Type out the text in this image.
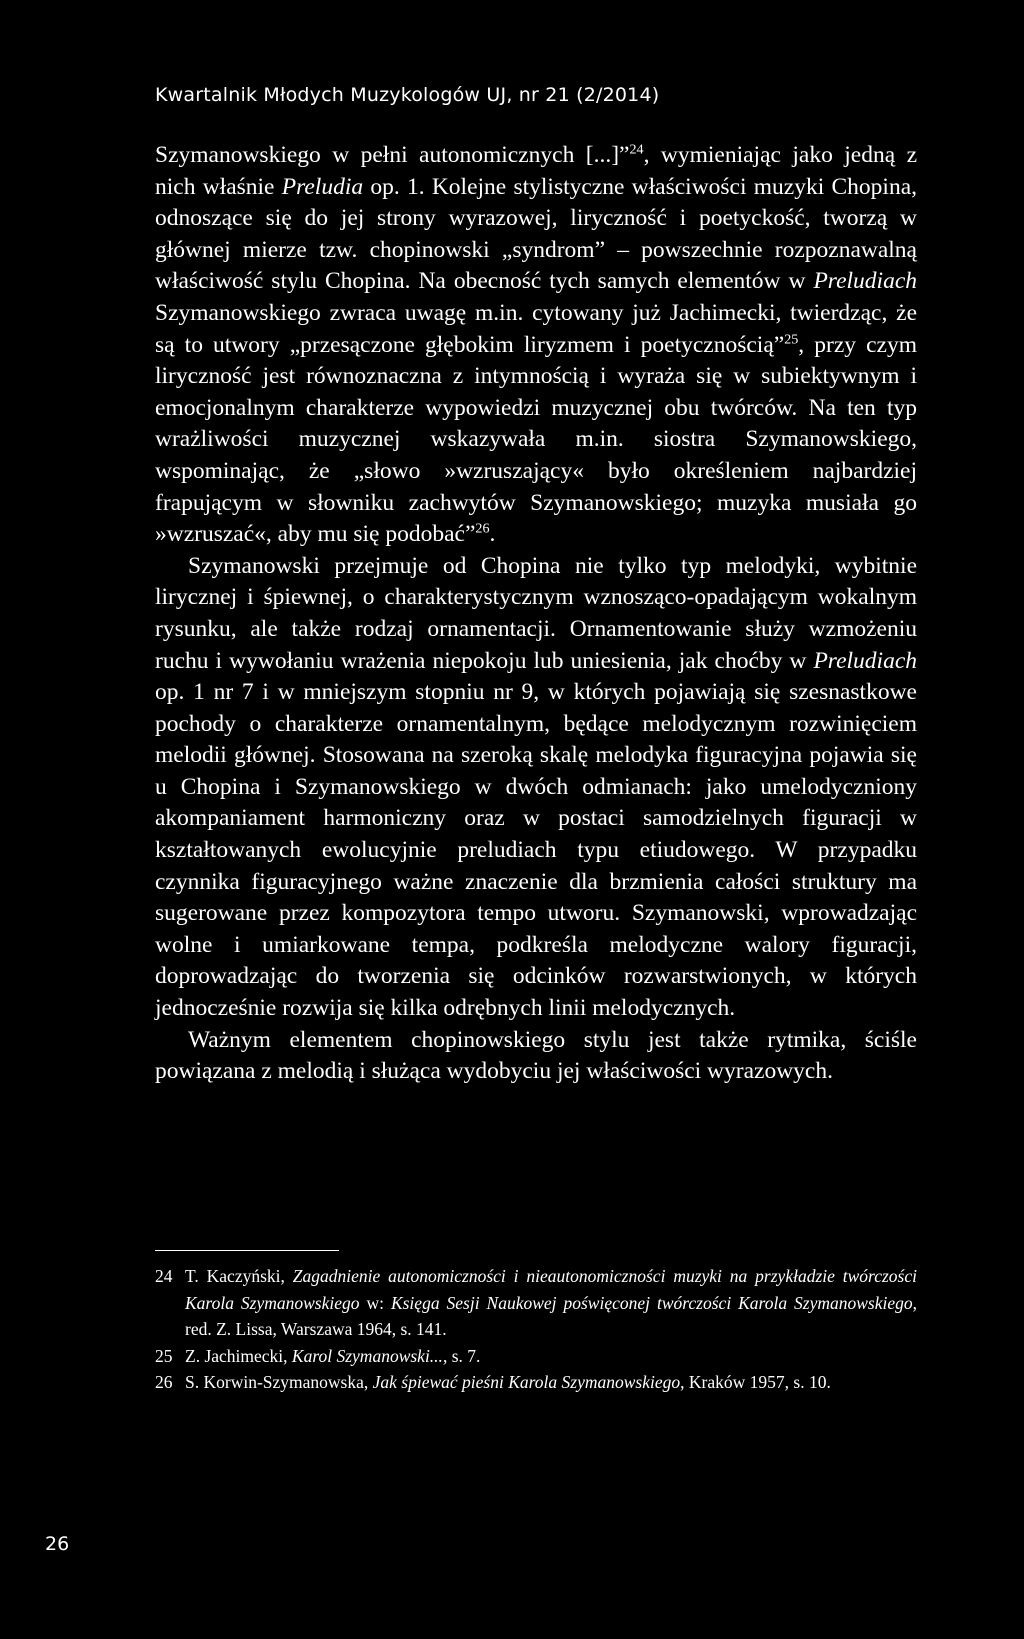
Kwartalnik Młodych Muzykologów UJ, nr 21 (2/2014)

Szymanowskiego w pełni autonomicznych [...]”$^{24}$, wymieniając jako jedną z nich właśnie Preludia op. 1. Kolejne stylistyczne właściwości muzyki Chopina, odnoszące się do jej strony wyrazowej, liryczność i poetyckość, tworzą w głównej mierze tzw. chopinowski „syndrom” – powszechnie rozpoznawalną właściwość stylu Chopina. Na obecność tych samych elementów w Preludiach Szymanowskiego zwraca uwagę m.in. cytowany już Jachimecki, twierdząc, że są to utwory „przesączone głębokim liryzmem i poetycznością”$^{25}$, przy czym liryczność jest równoznaczna z intymnością i wyraża się w subiektywnym i emocjonalnym charakterze wypowiedzi muzycznej obu twórców. Na ten typ wrażliwości muzycznej wskazywała m.in. siostra Szymanowskiego, wspominając, że „słowo »wzruszający« było określeniem najbardziej frapującym w słowniku zachwytów Szymanowskiego; muzyka musiała go »wzruszać«, aby mu się podobać”$^{26}$.

Szymanowski przejmuje od Chopina nie tylko typ melodyki, wybitnie lirycznej i śpiewnej, o charakterystycznym wznosząco-opadającym wokalnym rysunku, ale także rodzaj ornamentacji. Ornamentowanie służy wzmożeniu ruchu i wywołaniu wrażenia niepokoju lub uniesienia, jak choćby w Preludiach op. 1 nr 7 i w mniejszym stopniu nr 9, w których pojawiają się szesnastkowe pochody o charakterze ornamentalnym, będące melodycznym rozwinięciem melodii głównej. Stosowana na szeroką skalę melodyka figuracyjna pojawia się u Chopina i Szymanowskiego w dwóch odmianach: jako umelodyczniony akompaniament harmoniczny oraz w postaci samodzielnych figuracji w kształtowanych ewolucyjnie preludiach typu etiudowego. W przypadku czynnika figuracyjnego ważne znaczenie dla brzmienia całości struktury ma sugerowane przez kompozytora tempo utworu. Szymanowski, wprowadzając wolne i umiarkowane tempa, podkreśla melodyczne walory figuracji, doprowadzając do tworzenia się odcinków rozwarstwionych, w których jednocześnie rozwija się kilka odrębnych linii melodycznych.

Ważnym elementem chopinowskiego stylu jest także rytmika, ściśle powiązana z melodią i służąca wydobyciu jej właściwości wyrazowych.

24 T. Kaczyński, Zagadnienie autonomiczności i nieautonomiczności muzyki na przykładzie twórczości Karola Szymanowskiego w: Księga Sesji Naukowej poświęconej twórczości Karola Szymanowskiego, red. Z. Lissa, Warszawa 1964, s. 141.
25 Z. Jachimecki, Karol Szymanowski..., s. 7.
26 S. Korwin-Szymanowska, Jak śpiewać pieśni Karola Szymanowskiego, Kraków 1957, s. 10.
26
